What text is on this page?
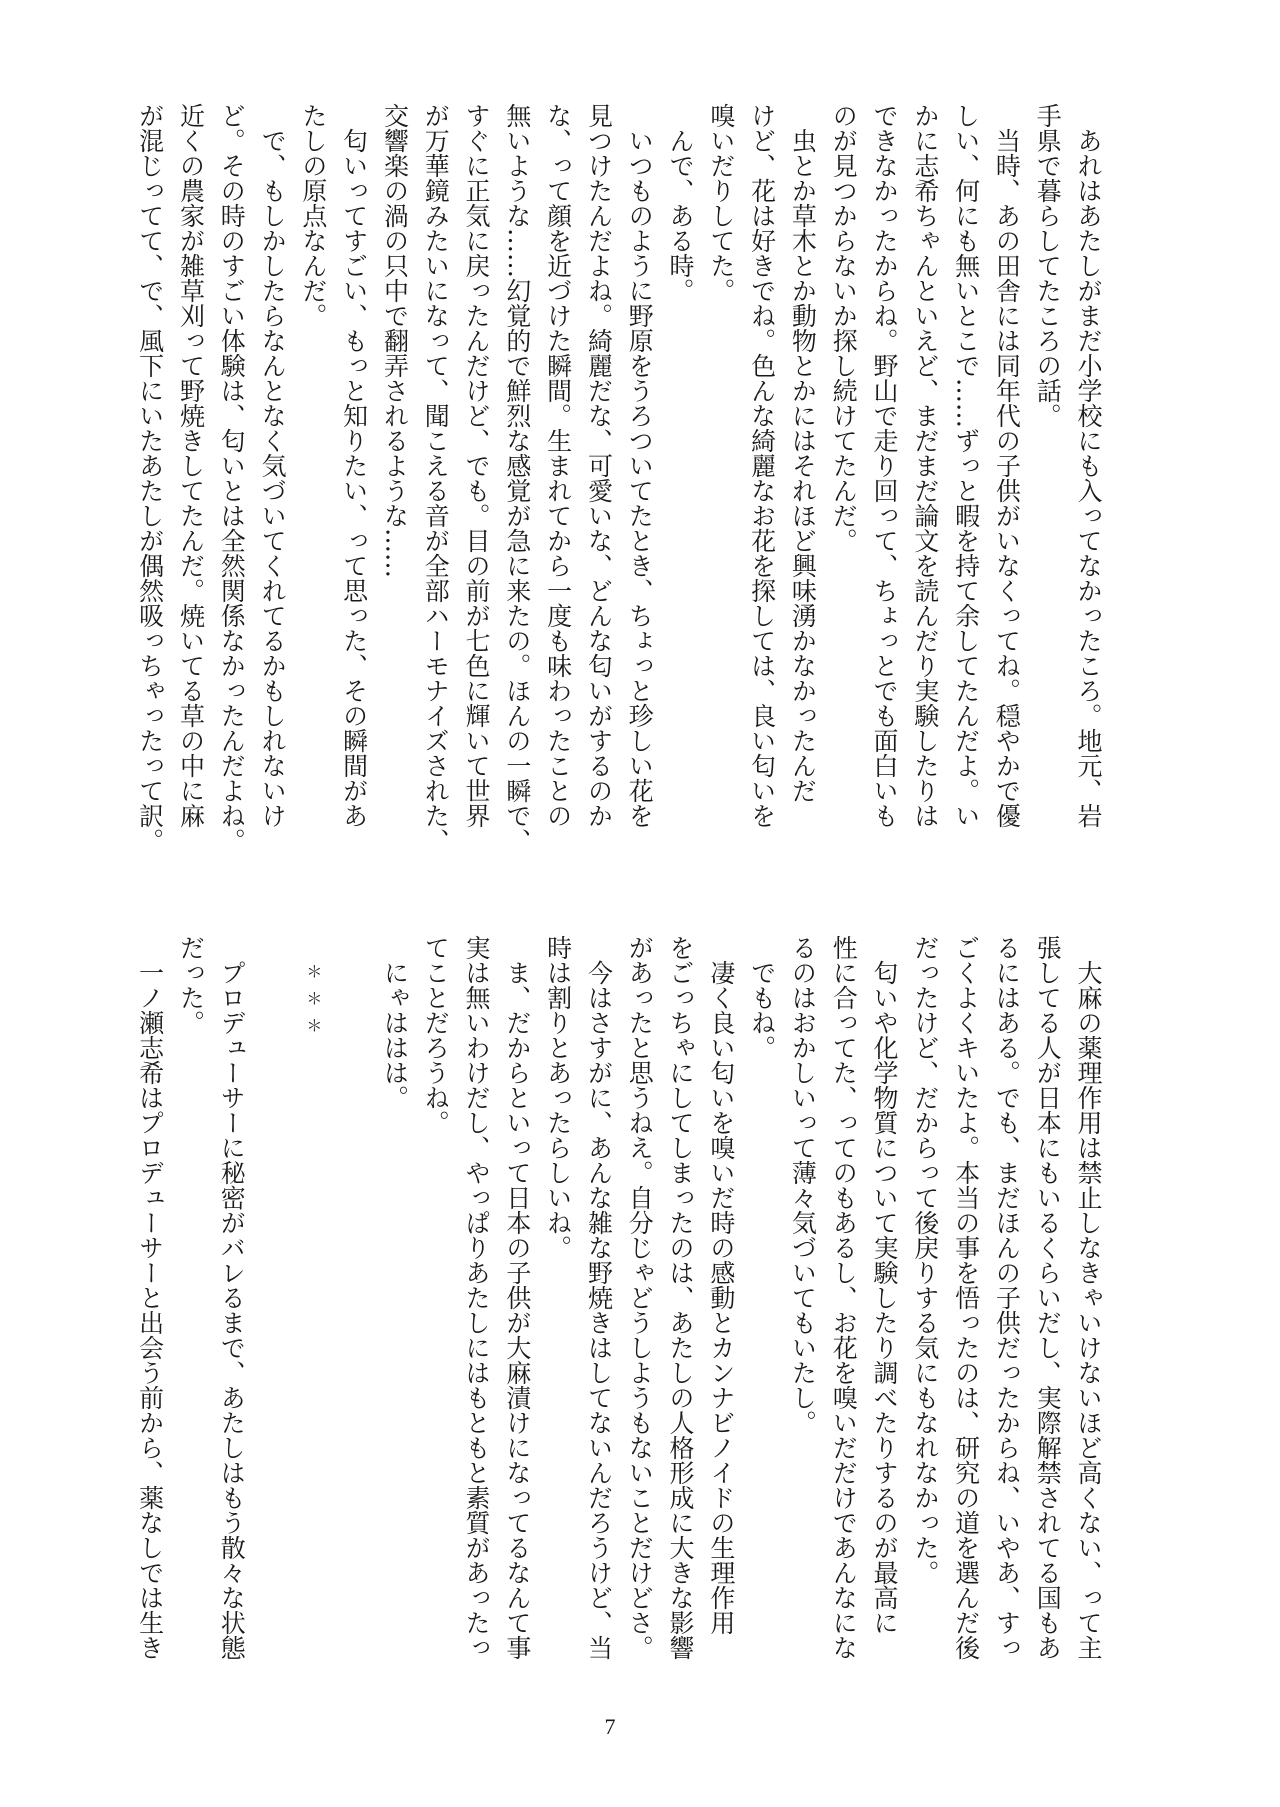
　あれはあたしがまだ小学校にも入ってなかったころ。地元、岩
手県で暮らしてたころの話。
　当時、あの田舎には同年代の子供がいなくってね。穏やかで優
しい、何にも無いとこで……ずっと暇を持て余してたんだよ。い
かに志希ちゃんといえど、まだまだ論文を読んだり実験したりは
できなかったからね。野山で走り回って、ちょっとでも面白いも
のが見つからないか探し続けてたんだ。
　虫とか草木とか動物とかにはそれほど興味湧かなかったんだ
けど、花は好きでね。色んな綺麗なお花を探しては、良い匂いを
嗅いだりしてた。
　んで、ある時。
　いつものように野原をうろついてたとき、ちょっと珍しい花を
見つけたんだよね。綺麗だな、可愛いな、どんな匂いがするのか
な、って顔を近づけた瞬間。生まれてから一度も味わったことの
無いような……幻覚的で鮮烈な感覚が急に来たの。ほんの一瞬で、
すぐに正気に戻ったんだけど、でも。目の前が七色に輝いて世界
が万華鏡みたいになって、聞こえる音が全部ハーモナイズされた、
交響楽の渦の只中で翻弄されるような……
　匂いってすごい、もっと知りたい、って思った、その瞬間があ
たしの原点なんだ。
　で、もしかしたらなんとなく気づいてくれてるかもしれないけ
ど。その時のすごい体験は、匂いとは全然関係なかったんだよね。
近くの農家が雑草刈って野焼きしてたんだ。焼いてる草の中に麻
が混じってて、で、風下にいたあたしが偶然吸っちゃったって訳。
　大麻の薬理作用は禁止しなきゃいけないほど高くない、って主
張してる人が日本にもいるくらいだし、実際解禁されてる国もあ
るにはある。でも、まだほんの子供だったからね、いやあ、すっ
ごくよくキいたよ。本当の事を悟ったのは、研究の道を選んだ後
だったけど、だからって後戻りする気にもなれなかった。
　匂いや化学物質について実験したり調べたりするのが最高に
性に合ってた、ってのもあるし、お花を嗅いだだけであんなにな
るのはおかしいって薄々気づいてもいたし。
　でもね。
　凄く良い匂いを嗅いだ時の感動とカンナビノイドの生理作用
をごっちゃにしてしまったのは、あたしの人格形成に大きな影響
があったと思うねえ。自分じゃどうしようもないことだけどさ。
　今はさすがに、あんな雑な野焼きはしてないんだろうけど、当
時は割りとあったらしいね。
　ま、だからといって日本の子供が大麻漬けになってるなんて事
実は無いわけだし、やっぱりあたしにはもともと素質があったっ
てことだろうね。
　にゃははは。

＊＊＊

　プロデューサーに秘密がバレるまで、あたしはもう散々な状態
だった。
　一ノ瀬志希はプロデューサーと出会う前から、薬なしでは生き
7
